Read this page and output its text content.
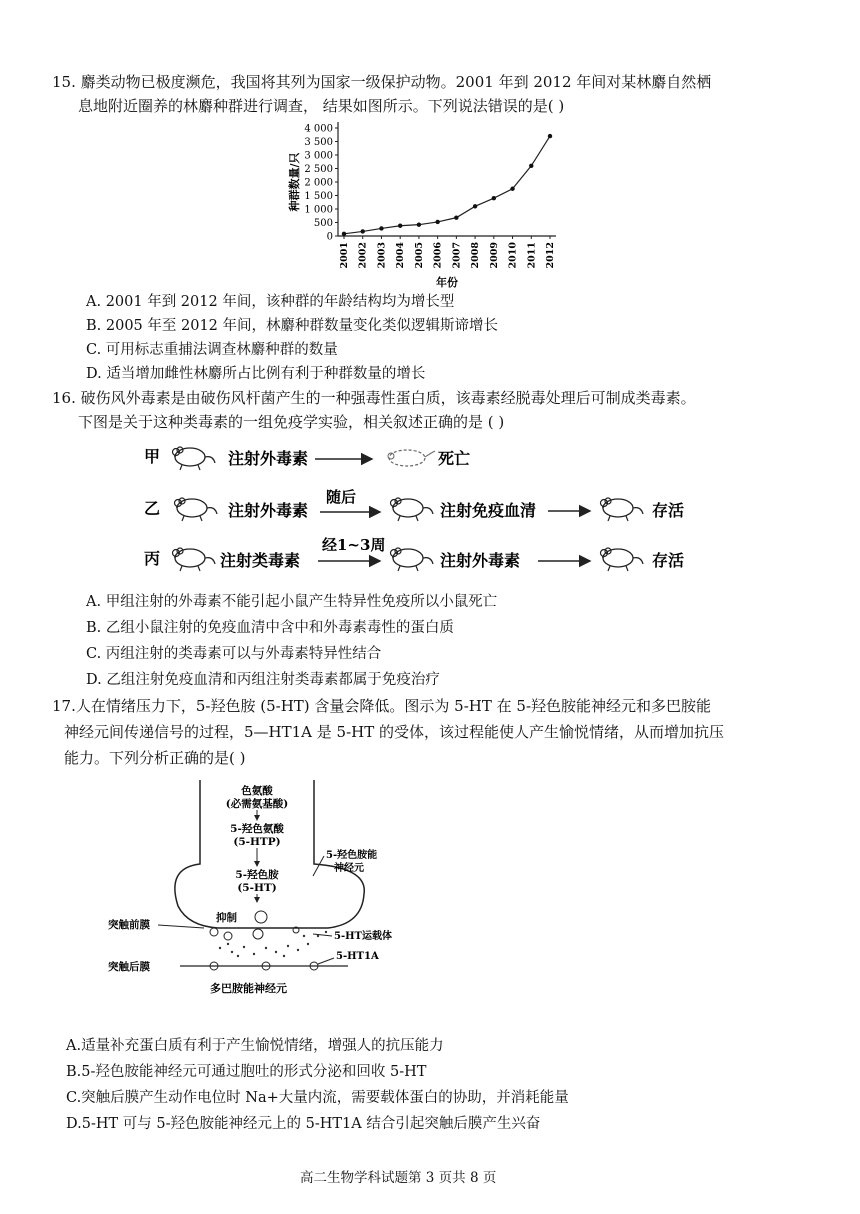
15. 麝类动物已极度濒危，我国将其列为国家一级保护动物。2001 年到 2012 年间对某林麝自然栖
息地附近圈养的林麝种群进行调查， 结果如图所示。下列说法错误的是( )
0
500
1 000
1 500
2 000
2 500
3 000
3 500
4 000
种群数量/只
2001 2002 2003 2004 2005 2006 2007 2008 2009 2010 2011 2012
年份
A. 2001 年到 2012 年间，该种群的年龄结构均为增长型
B. 2005 年至 2012 年间，林麝种群数量变化类似逻辑斯谛增长
C. 可用标志重捕法调查林麝种群的数量
D. 适当增加雌性林麝所占比例有利于种群数量的增长
16. 破伤风外毒素是由破伤风杆菌产生的一种强毒性蛋白质，该毒素经脱毒处理后可制成类毒素。
下图是关于这种类毒素的一组免疫学实验，相关叙述正确的是 ( )
甲	注射外毒素	死亡
乙	注射外毒素
随后
注射免疫血清	存活
丙	注射类毒素
经1~3周
注射外毒素	存活
A. 甲组注射的外毒素不能引起小鼠产生特异性免疫所以小鼠死亡
B. 乙组小鼠注射的免疫血清中含中和外毒素毒性的蛋白质
C. 丙组注射的类毒素可以与外毒素特异性结合
D. 乙组注射免疫血清和丙组注射类毒素都属于免疫治疗
17.人在情绪压力下，5-羟色胺 (5-HT) 含量会降低。图示为 5-HT 在 5-羟色胺能神经元和多巴胺能
神经元间传递信号的过程，5—HT1A 是 5-HT 的受体，该过程能使人产生愉悦情绪，从而增加抗压
能力。下列分析正确的是( )
色氨酸
(必需氨基酸)
5-羟色氨酸
(5-HTP)
5-羟色胺
(5-HT)
5-羟色胺能
神经元
抑制
突触前膜
5-HT运载体
突触后膜
5-HT1A
多巴胺能神经元
A.适量补充蛋白质有利于产生愉悦情绪，增强人的抗压能力
B.5-羟色胺能神经元可通过胞吐的形式分泌和回收 5-HT
C.突触后膜产生动作电位时 Na+大量内流，需要载体蛋白的协助，并消耗能量
D.5-HT 可与 5-羟色胺能神经元上的 5-HT1A 结合引起突触后膜产生兴奋
高二生物学科试题第 3 页共 8 页
